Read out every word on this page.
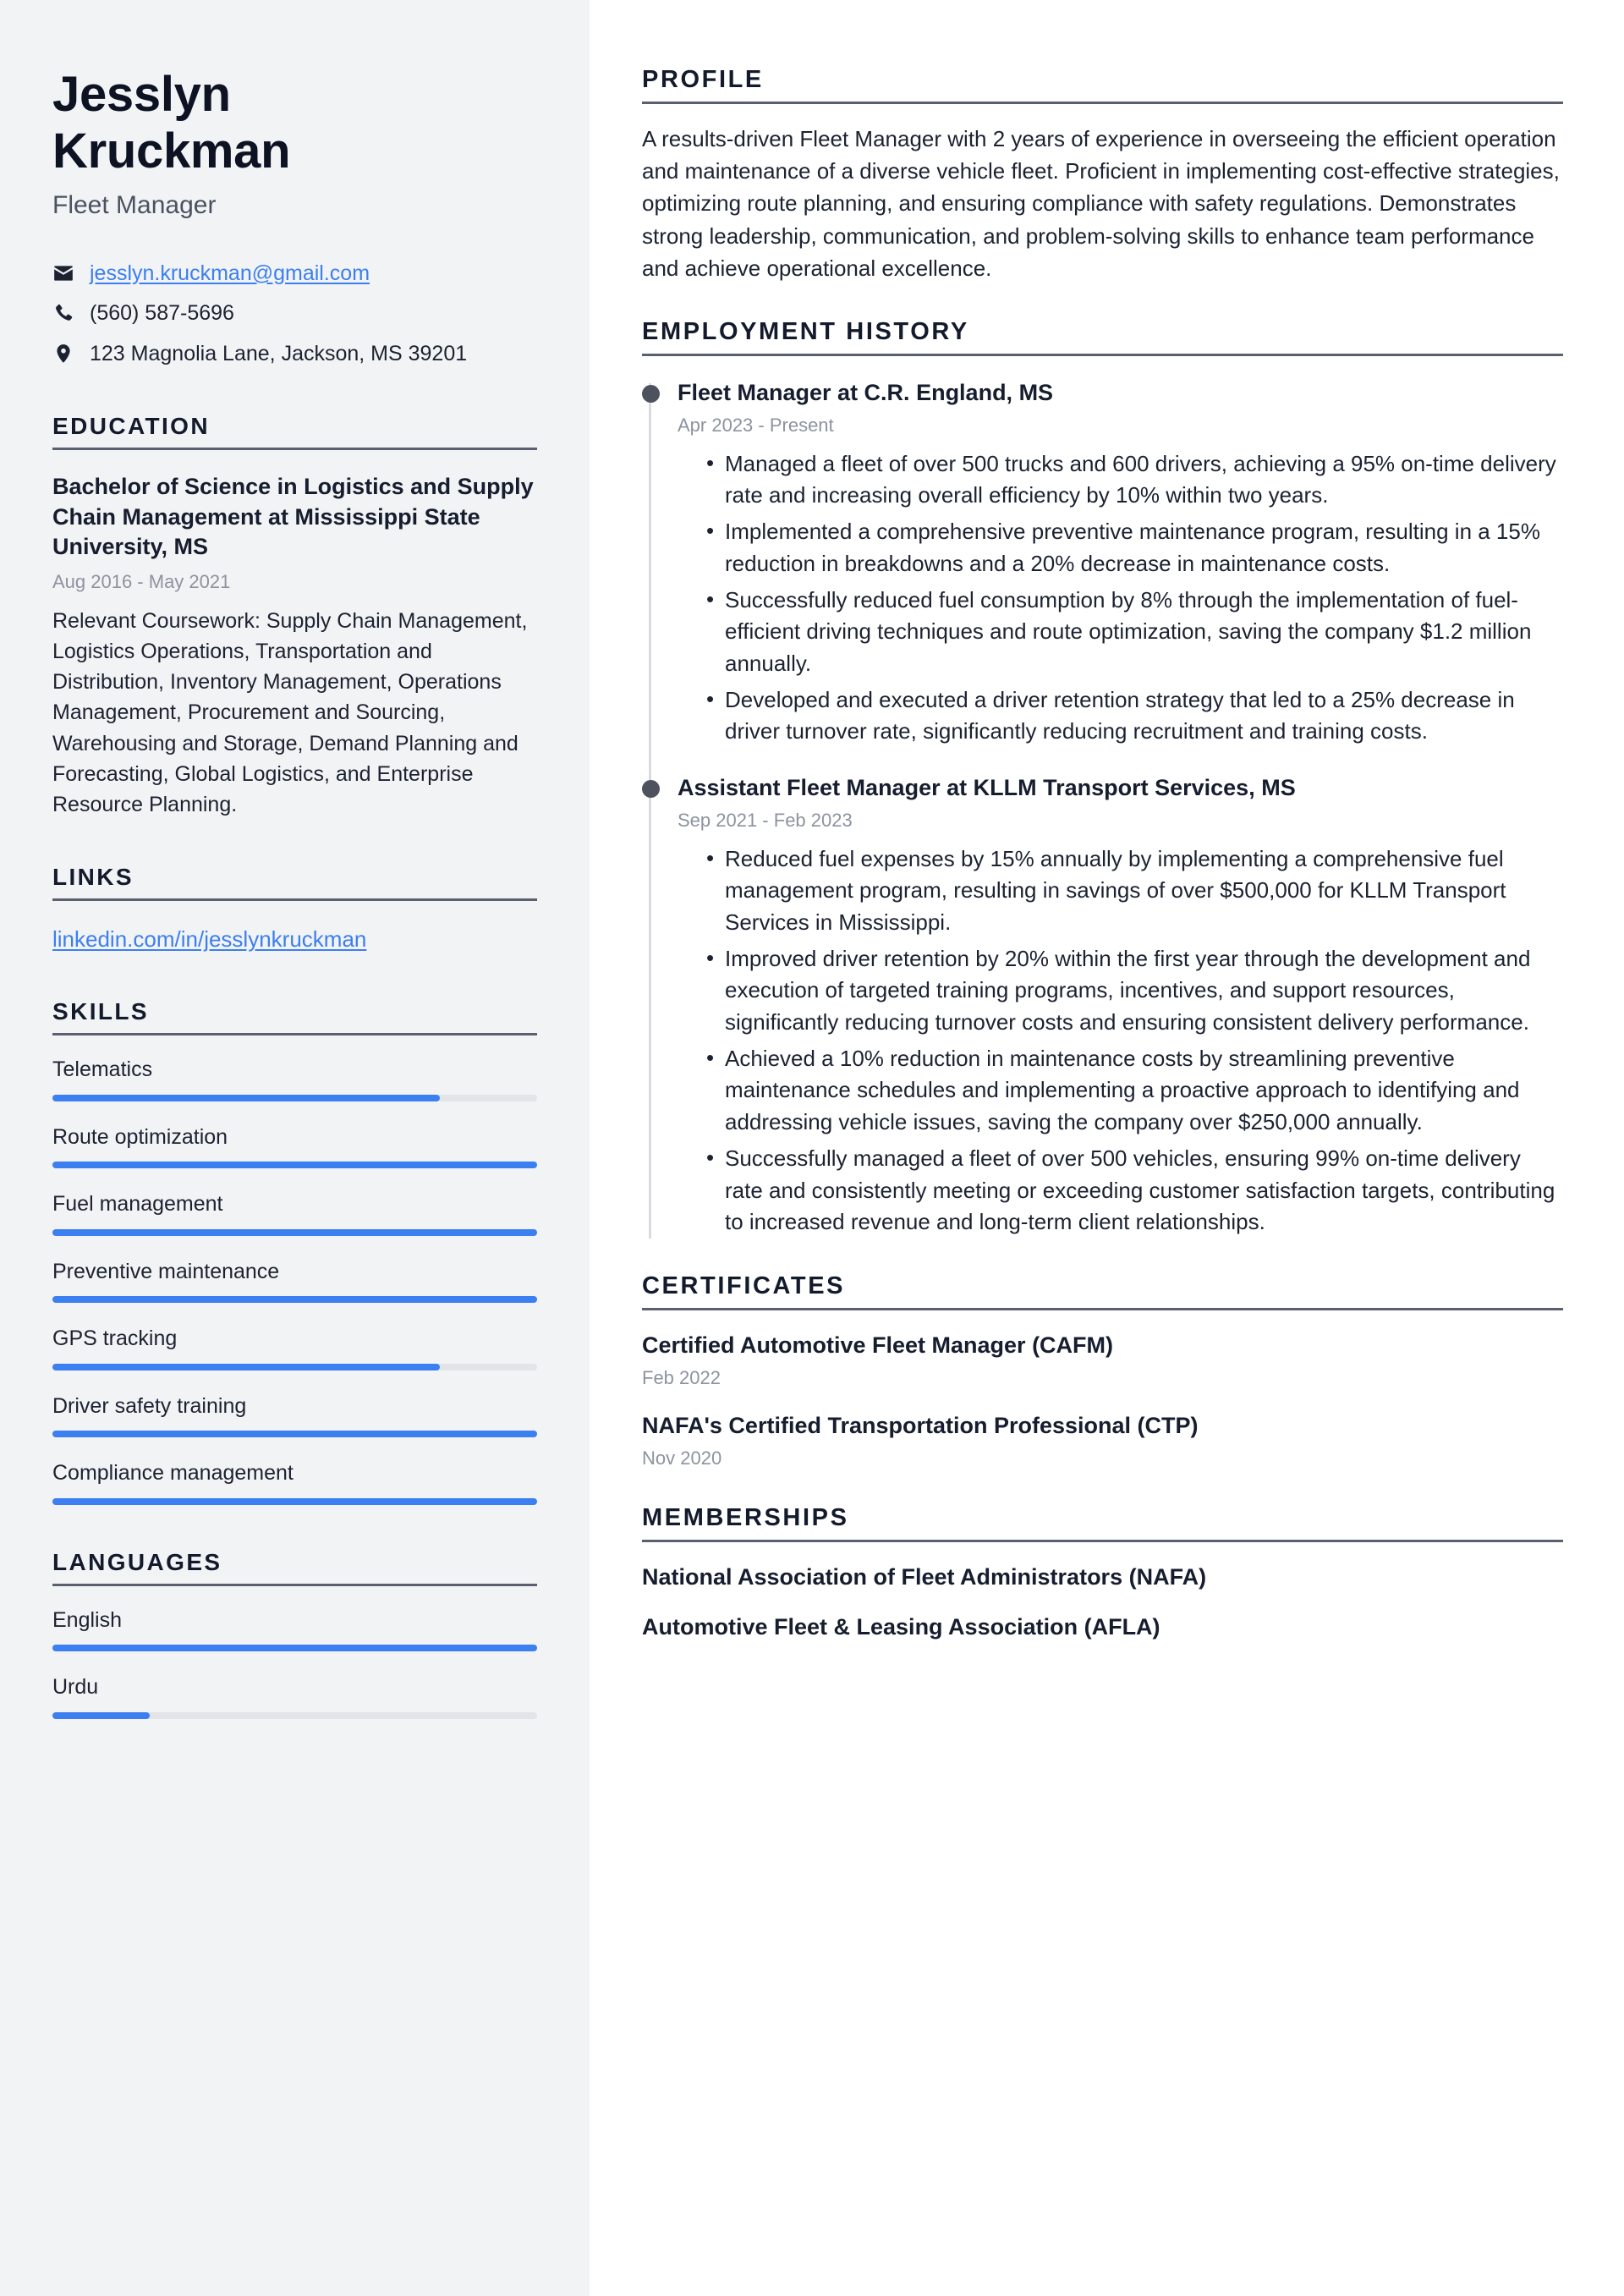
Jesslyn
Kruckman
Fleet Manager
jesslyn.kruckman@gmail.com
(560) 587-5696
123 Magnolia Lane, Jackson, MS 39201
EDUCATION
Bachelor of Science in Logistics and Supply Chain Management at Mississippi State University, MS
Aug 2016 - May 2021
Relevant Coursework: Supply Chain Management, Logistics Operations, Transportation and Distribution, Inventory Management, Operations Management, Procurement and Sourcing, Warehousing and Storage, Demand Planning and Forecasting, Global Logistics, and Enterprise Resource Planning.
LINKS
linkedin.com/in/jesslynkruckman
SKILLS
Telematics
Route optimization
Fuel management
Preventive maintenance
GPS tracking
Driver safety training
Compliance management
LANGUAGES
English
Urdu
PROFILE

A results-driven Fleet Manager with 2 years of experience in overseeing the efficient operation and maintenance of a diverse vehicle fleet. Proficient in implementing cost-effective strategies, optimizing route planning, and ensuring compliance with safety regulations. Demonstrates strong leadership, communication, and problem-solving skills to enhance team performance and achieve operational excellence.

EMPLOYMENT HISTORY
Fleet Manager at C.R. England, MS
Apr 2023 - Present
• Managed a fleet of over 500 trucks and 600 drivers, achieving a 95% on-time delivery rate and increasing overall efficiency by 10% within two years.
• Implemented a comprehensive preventive maintenance program, resulting in a 15% reduction in breakdowns and a 20% decrease in maintenance costs.
• Successfully reduced fuel consumption by 8% through the implementation of fuel-efficient driving techniques and route optimization, saving the company $1.2 million annually.
• Developed and executed a driver retention strategy that led to a 25% decrease in driver turnover rate, significantly reducing recruitment and training costs.
Assistant Fleet Manager at KLLM Transport Services, MS
Sep 2021 - Feb 2023
• Reduced fuel expenses by 15% annually by implementing a comprehensive fuel management program, resulting in savings of over $500,000 for KLLM Transport Services in Mississippi.
• Improved driver retention by 20% within the first year through the development and execution of targeted training programs, incentives, and support resources, significantly reducing turnover costs and ensuring consistent delivery performance.
• Achieved a 10% reduction in maintenance costs by streamlining preventive maintenance schedules and implementing a proactive approach to identifying and addressing vehicle issues, saving the company over $250,000 annually.
• Successfully managed a fleet of over 500 vehicles, ensuring 99% on-time delivery rate and consistently meeting or exceeding customer satisfaction targets, contributing to increased revenue and long-term client relationships.
CERTIFICATES
Certified Automotive Fleet Manager (CAFM)
Feb 2022
NAFA's Certified Transportation Professional (CTP)
Nov 2020
MEMBERSHIPS
National Association of Fleet Administrators (NAFA)
Automotive Fleet & Leasing Association (AFLA)
